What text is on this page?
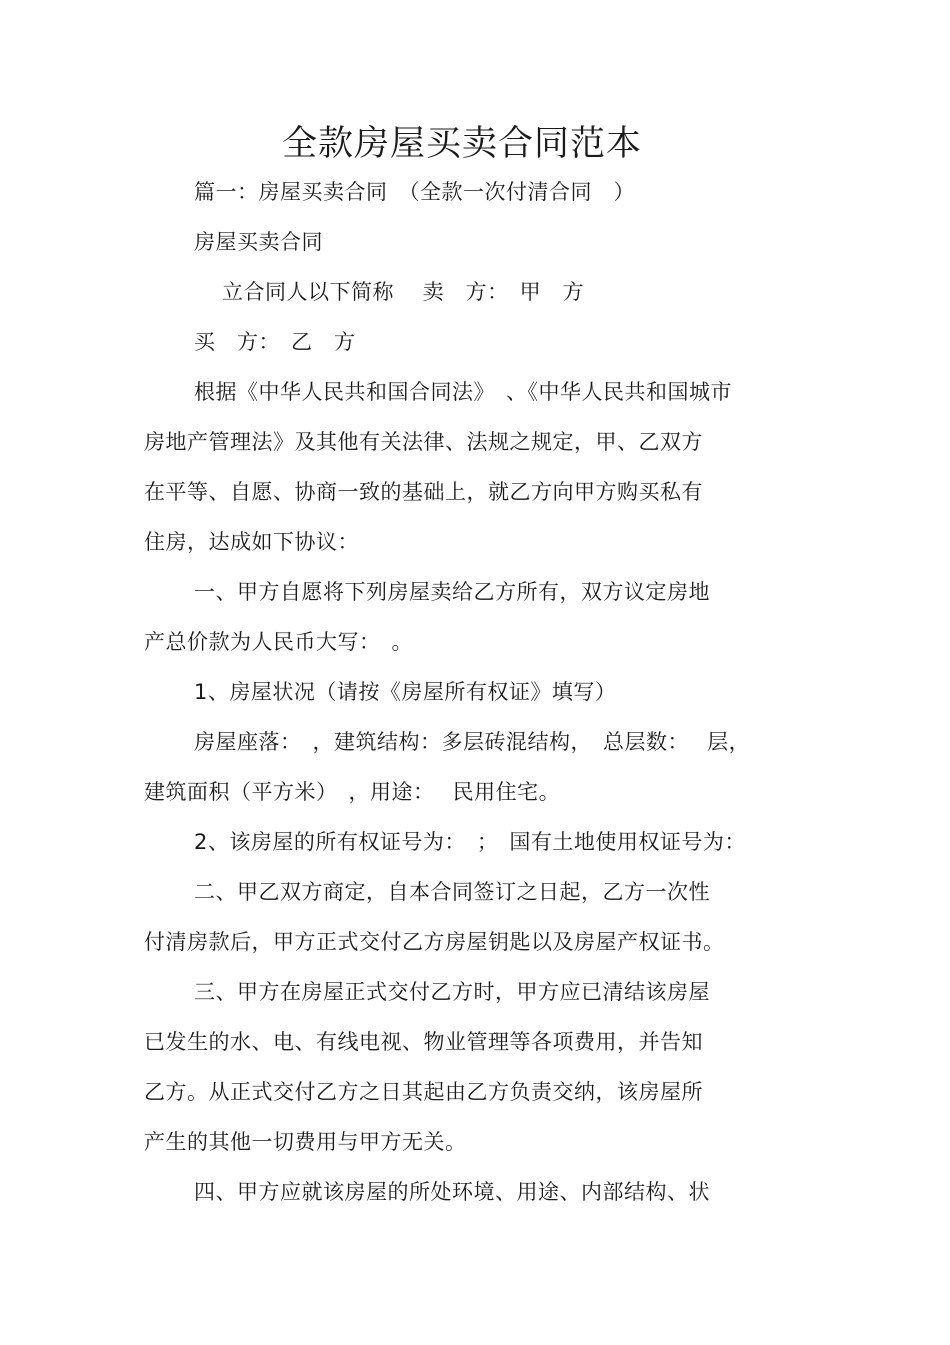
全款房屋买卖合同范本
篇一：房屋买卖合同　（全款一次付清合同　）
房屋买卖合同
立合同人以下简称　 卖　方：　甲　方
买　方：　乙　方
根据《中华人民共和国合同法》　、《中华人民共和国城市
房地产管理法》及其他有关法律、法规之规定，甲、乙双方
在平等、自愿、协商一致的基础上，就乙方向甲方购买私有
住房，达成如下协议：
一、甲方自愿将下列房屋卖给乙方所有，双方议定房地
产总价款为人民币大写：　。
1、房屋状况（请按《房屋所有权证》填写）
房屋座落：　，建筑结构：多层砖混结构，　总层数：　 层，
建筑面积（平方米）　，用途：　 民用住宅。
2、该房屋的所有权证号为：　；　国有土地使用权证号为：
二、甲乙双方商定，自本合同签订之日起，乙方一次性
付清房款后，甲方正式交付乙方房屋钥匙以及房屋产权证书。
三、甲方在房屋正式交付乙方时，甲方应已清结该房屋
已发生的水、电、有线电视、物业管理等各项费用，并告知
乙方。从正式交付乙方之日其起由乙方负责交纳，该房屋所
产生的其他一切费用与甲方无关。
四、甲方应就该房屋的所处环境、用途、内部结构、状
